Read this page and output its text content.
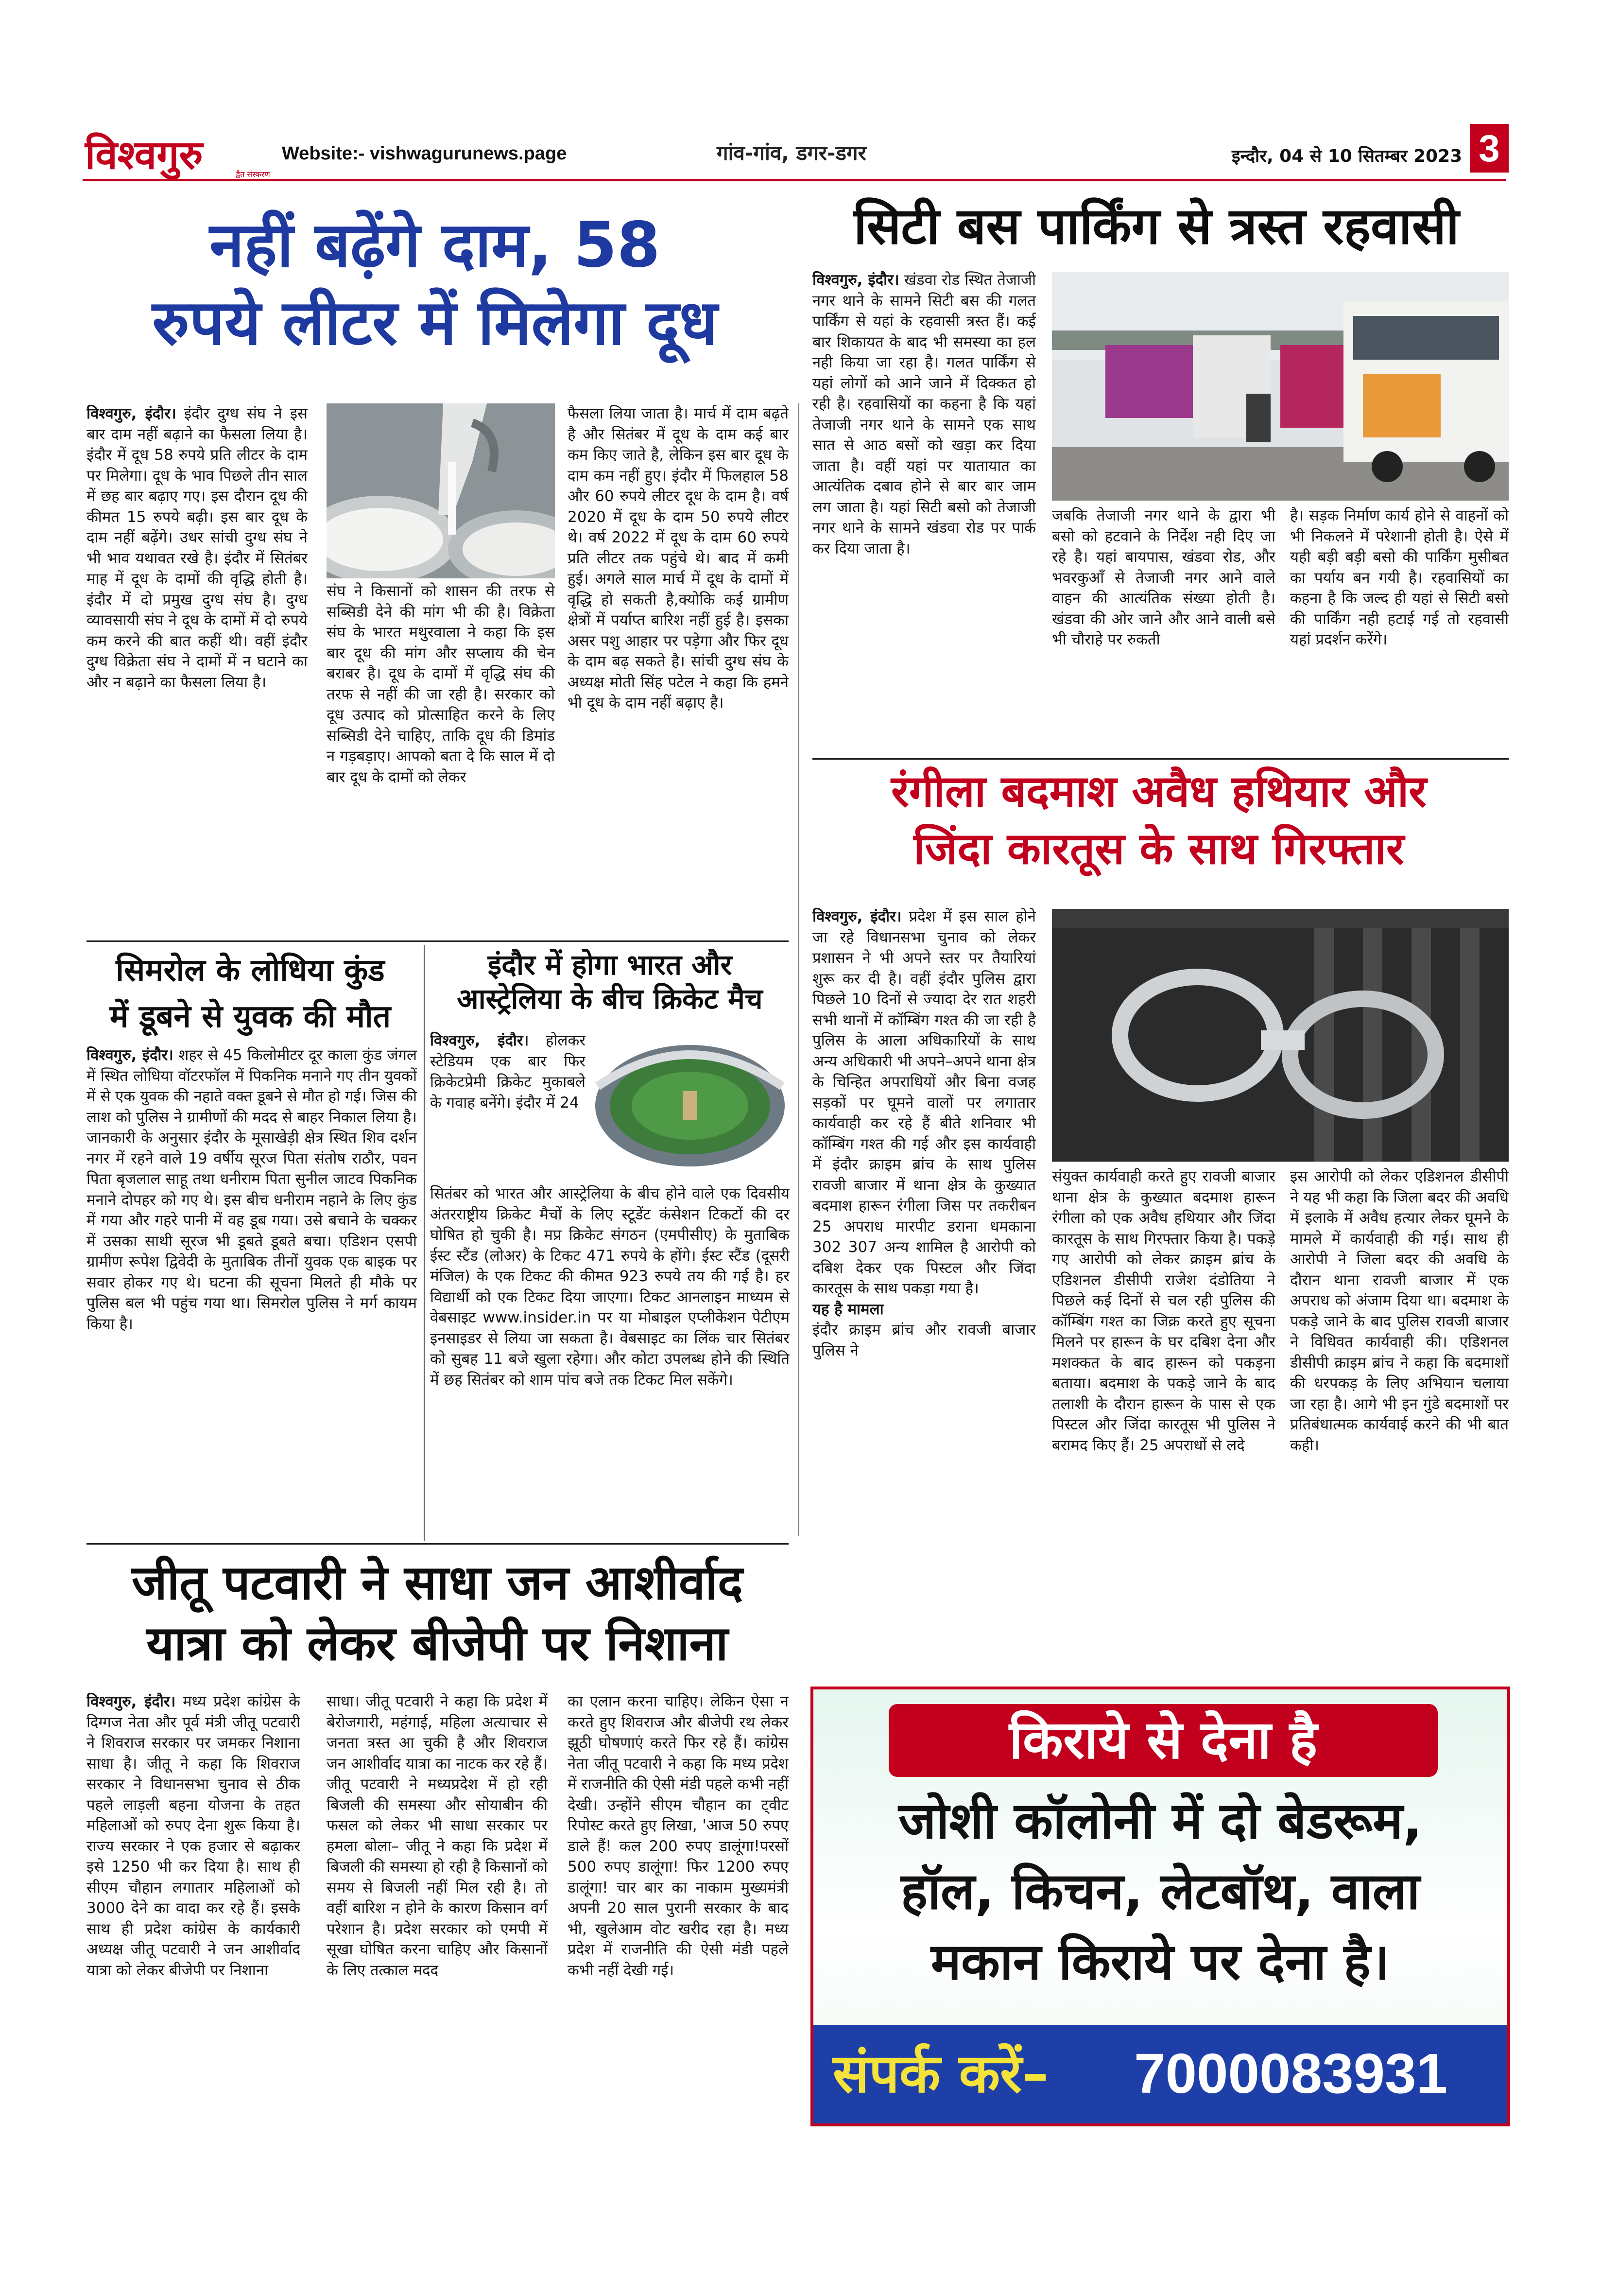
विश्वगुरु	द्वैत संस्करण
Website:- vishwagurunews.page	गांव-गांव, डगर-डगर	इन्दौर, 04 से 10 सितम्बर 2023 3
नहीं बढ़ेंगे दाम, 58
रुपये लीटर में मिलेगा दूध

विश्वगुरु, इंदौर। इंदौर दुग्ध संघ ने इस बार दाम नहीं बढ़ाने का फैसला लिया है। इंदौर में दूध 58 रुपये प्रति लीटर के दाम पर मिलेगा। दूध के भाव पिछले तीन साल में छह बार बढ़ाए गए। इस दौरान दूध की कीमत 15 रुपये बढ़ी। इस बार दूध के दाम नहीं बढ़ेंगे। उधर सांची दुग्ध संघ ने भी भाव यथावत रखे है। इंदौर में सितंबर माह में दूध के दामों की वृद्धि होती है। इंदौर में दो प्रमुख दुग्ध संघ है। दुग्ध व्यावसायी संघ ने दूध के दामों में दो रुपये कम करने की बात कहीं थी। वहीं इंदौर दुग्ध विक्रेता संघ ने दामों में न घटाने का और न बढ़ाने का फैसला लिया है।

संघ ने किसानों को शासन की तरफ से सब्सिडी देने की मांग भी की है। विक्रेता संघ के भारत मथुरवाला ने कहा कि इस बार दूध की मांग और सप्लाय की चेन बराबर है। दूध के दामों में वृद्धि संघ की तरफ से नहीं की जा रही है। सरकार को दूध उत्पाद को प्रोत्साहित करने के लिए सब्सिडी देने चाहिए, ताकि दूध की डिमांड न गड़बड़ाए। आपको बता दे कि साल में दो बार दूध के दामों को लेकर

फैसला लिया जाता है। मार्च में दाम बढ़ते है और सितंबर में दूध के दाम कई बार कम किए जाते है, लेकिन इस बार दूध के दाम कम नहीं हुए। इंदौर में फिलहाल 58 और 60 रुपये लीटर दूध के दाम है। वर्ष 2020 में दूध के दाम 50 रुपये लीटर थे। वर्ष 2022 में दूध के दाम 60 रुपये प्रति लीटर तक पहुंचे थे। बाद में कमी हुई। अगले साल मार्च में दूध के दामों में वृद्धि हो सकती है,क्योकि कई ग्रामीण क्षेत्रों में पर्याप्त बारिश नहीं हुई है। इसका असर पशु आहार पर पड़ेगा और फिर दूध के दाम बढ़ सकते है। सांची दुग्ध संघ के अध्यक्ष मोती सिंह पटेल ने कहा कि हमने भी दूध के दाम नहीं बढ़ाए है।

सिमरोल के लोधिया कुंड
में डूबने से युवक की मौत

विश्वगुरु, इंदौर। शहर से 45 किलोमीटर दूर काला कुंड जंगल में स्थित लोधिया वॉटरफॉल में पिकनिक मनाने गए तीन युवकों में से एक युवक की नहाते वक्त डूबने से मौत हो गई। जिस की लाश को पुलिस ने ग्रामीणों की मदद से बाहर निकाल लिया है। जानकारी के अनुसार इंदौर के मूसाखेड़ी क्षेत्र स्थित शिव दर्शन नगर में रहने वाले 19 वर्षीय सूरज पिता संतोष राठौर, पवन पिता बृजलाल साहू तथा धनीराम पिता सुनील जाटव पिकनिक मनाने दोपहर को गए थे। इस बीच धनीराम नहाने के लिए कुंड में गया और गहरे पानी में वह डूब गया। उसे बचाने के चक्कर में उसका साथी सूरज भी डूबते डूबते बचा। एडिशन एसपी ग्रामीण रूपेश द्विवेदी के मुताबिक तीनों युवक एक बाइक पर सवार होकर गए थे। घटना की सूचना मिलते ही मौके पर पुलिस बल भी पहुंच गया था। सिमरोल पुलिस ने मर्ग कायम किया है।

इंदौर में होगा भारत और
आस्ट्रेलिया के बीच क्रिकेट मैच

विश्वगुरु, इंदौर। होलकर स्टेडियम एक बार फिर क्रिकेटप्रेमी क्रिकेट मुकाबले के गवाह बनेंगे। इंदौर में 24

सितंबर को भारत और आस्ट्रेलिया के बीच होने वाले एक दिवसीय अंतरराष्ट्रीय क्रिकेट मैचों के लिए स्टूडेंट कंसेशन टिकटों की दर घोषित हो चुकी है। मप्र क्रिकेट संगठन (एमपीसीए) के मुताबिक ईस्ट स्टैंड (लोअर) के टिकट 471 रुपये के होंगे। ईस्ट स्टैंड (दूसरी मंजिल) के एक टिकट की कीमत 923 रुपये तय की गई है। हर विद्यार्थी को एक टिकट दिया जाएगा। टिकट आनलाइन माध्यम से वेबसाइट www.insider.in पर या मोबाइल एप्लीकेशन पेटीएम इनसाइडर से लिया जा सकता है। वेबसाइट का लिंक चार सितंबर को सुबह 11 बजे खुला रहेगा। और कोटा उपलब्ध होने की स्थिति में छह सितंबर को शाम पांच बजे तक टिकट मिल सकेंगे।

जीतू पटवारी ने साधा जन आशीर्वाद
यात्रा को लेकर बीजेपी पर निशाना

विश्वगुरु, इंदौर। मध्य प्रदेश कांग्रेस के दिग्गज नेता और पूर्व मंत्री जीतू पटवारी ने शिवराज सरकार पर जमकर निशाना साधा है। जीतू ने कहा कि शिवराज सरकार ने विधानसभा चुनाव से ठीक पहले लाड़ली बहना योजना के तहत महिलाओं को रुपए देना शुरू किया है। राज्य सरकार ने एक हजार से बढ़ाकर इसे 1250 भी कर दिया है। साथ ही सीएम चौहान लगातार महिलाओं को 3000 देने का वादा कर रहे हैं। इसके साथ ही प्रदेश कांग्रेस के कार्यकारी अध्यक्ष जीतू पटवारी ने जन आशीर्वाद यात्रा को लेकर बीजेपी पर निशाना

साधा। जीतू पटवारी ने कहा कि प्रदेश में बेरोजगारी, महंगाई, महिला अत्याचार से जनता त्रस्त आ चुकी है और शिवराज जन आशीर्वाद यात्रा का नाटक कर रहे हैं। जीतू पटवारी ने मध्यप्रदेश में हो रही बिजली की समस्या और सोयाबीन की फसल को लेकर भी साधा सरकार पर हमला बोला– जीतू ने कहा कि प्रदेश में बिजली की समस्या हो रही है किसानों को समय से बिजली नहीं मिल रही है। तो वहीं बारिश न होने के कारण किसान वर्ग परेशान है। प्रदेश सरकार को एमपी में सूखा घोषित करना चाहिए और किसानों के लिए तत्काल मदद

का एलान करना चाहिए। लेकिन ऐसा न करते हुए शिवराज और बीजेपी रथ लेकर झूठी घोषणाएं करते फिर रहे हैं। कांग्रेस नेता जीतू पटवारी ने कहा कि मध्य प्रदेश में राजनीति की ऐसी मंडी पहले कभी नहीं देखी। उन्होंने सीएम चौहान का ट्वीट रिपोस्ट करते हुए लिखा, 'आज 50 रुपए डाले हैं! कल 200 रुपए डालूंगा!परसों 500 रुपए डालूंगा! फिर 1200 रुपए डालूंगा! चार बार का नाकाम मुख्यमंत्री अपनी 20 साल पुरानी सरकार के बाद भी, खुलेआम वोट खरीद रहा है। मध्य प्रदेश में राजनीति की ऐसी मंडी पहले कभी नहीं देखी गई।

सिटी बस पार्किंग से त्रस्त रहवासी

विश्वगुरु, इंदौर। खंडवा रोड स्थित तेजाजी नगर थाने के सामने सिटी बस की गलत पार्किंग से यहां के रहवासी त्रस्त हैं। कई बार शिकायत के बाद भी समस्या का हल नही किया जा रहा है। गलत पार्किंग से यहां लोगों को आने जाने में दिक्कत हो रही है। रहवासियों का कहना है कि यहां तेजाजी नगर थाने के सामने एक साथ सात से आठ बसों को खड़ा कर दिया जाता है। वहीं यहां पर यातायात का आत्यंतिक दबाव होने से बार बार जाम लग जाता है। यहां सिटी बसो को तेजाजी नगर थाने के सामने खंडवा रोड पर पार्क कर दिया जाता है।

जबकि तेजाजी नगर थाने के द्वारा भी बसो को हटवाने के निर्देश नही दिए जा रहे है। यहां बायपास, खंडवा रोड, और भवरकुआँ से तेजाजी नगर आने वाले वाहन की आत्यंतिक संख्या होती है। खंडवा की ओर जाने और आने वाली बसे भी चौराहे पर रुकती

है। सड़क निर्माण कार्य होने से वाहनों को भी निकलने में परेशानी होती है। ऐसे में यही बड़ी बड़ी बसो की पार्किंग मुसीबत का पर्याय बन गयी है। रहवासियों का कहना है कि जल्द ही यहां से सिटी बसो की पार्किंग नही हटाई गई तो रहवासी यहां प्रदर्शन करेंगे।

रंगीला बदमाश अवैध हथियार और
जिंदा कारतूस के साथ गिरफ्तार

विश्वगुरु, इंदौर। प्रदेश में इस साल होने जा रहे विधानसभा चुनाव को लेकर प्रशासन ने भी अपने स्तर पर तैयारियां शुरू कर दी है। वहीं इंदौर पुलिस द्वारा पिछले 10 दिनों से ज्यादा देर रात शहरी सभी थानों में कॉम्बिंग गश्त की जा रही है पुलिस के आला अधिकारियों के साथ अन्य अधिकारी भी अपने–अपने थाना क्षेत्र के चिन्हित अपराधियों और बिना वजह सड़कों पर घूमने वालों पर लगातार कार्यवाही कर रहे हैं बीते शनिवार भी कॉम्बिंग गश्त की गई और इस कार्यवाही में इंदौर क्राइम ब्रांच के साथ पुलिस रावजी बाजार में थाना क्षेत्र के कुख्यात बदमाश हारून रंगीला जिस पर तकरीबन 25 अपराध मारपीट डराना धमकाना 302 307 अन्य शामिल है आरोपी को दबिश देकर एक पिस्टल और जिंदा कारतूस के साथ पकड़ा गया है।

यह है मामला

इंदौर क्राइम ब्रांच और रावजी बाजार पुलिस ने

संयुक्त कार्यवाही करते हुए रावजी बाजार थाना क्षेत्र के कुख्यात बदमाश हारून रंगीला को एक अवैध हथियार और जिंदा कारतूस के साथ गिरफ्तार किया है। पकड़े गए आरोपी को लेकर क्राइम ब्रांच के एडिशनल डीसीपी राजेश दंडोतिया ने पिछले कई दिनों से चल रही पुलिस की कॉम्बिंग गश्त का जिक्र करते हुए सूचना मिलने पर हारून के घर दबिश देना और मशक्कत के बाद हारून को पकड़ना बताया। बदमाश के पकड़े जाने के बाद तलाशी के दौरान हारून के पास से एक पिस्टल और जिंदा कारतूस भी पुलिस ने बरामद किए हैं। 25 अपराधों से लदे

इस आरोपी को लेकर एडिशनल डीसीपी ने यह भी कहा कि जिला बदर की अवधि में इलाके में अवैध हत्यार लेकर घूमने के मामले में कार्यवाही की गई। साथ ही आरोपी ने जिला बदर की अवधि के दौरान थाना रावजी बाजार में एक अपराध को अंजाम दिया था। बदमाश के पकड़े जाने के बाद पुलिस रावजी बाजार ने विधिवत कार्यवाही की। एडिशनल डीसीपी क्राइम ब्रांच ने कहा कि बदमाशों की धरपकड़ के लिए अभियान चलाया जा रहा है। आगे भी इन गुंडे बदमाशों पर प्रतिबंधात्मक कार्यवाई करने की भी बात कही।

किराये से देना है
जोशी कॉलोनी में दो बेडरूम,
हॉल, किचन, लेटबॉथ, वाला
मकान किराये पर देना है।
संपर्क करें– 7000083931
